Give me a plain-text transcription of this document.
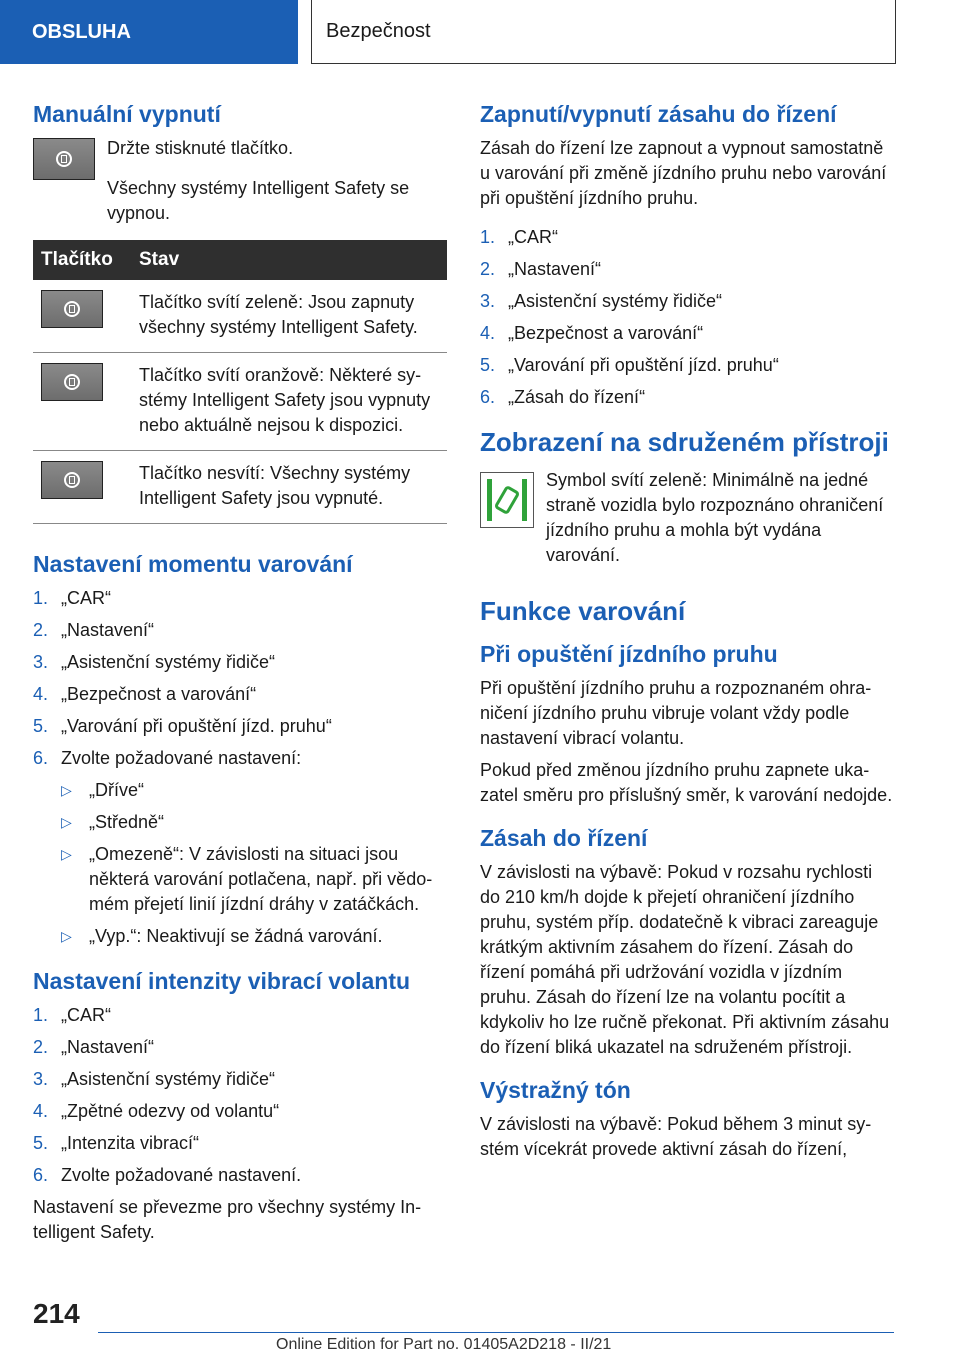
OBSLUHA	Bezpečnost
Manuální vypnutí

Držte stisknuté tlačítko.

Všechny systémy Intelligent Safety se vypnou.

Tlačítko	Stav

	Tlačítko svítí zeleně: Jsou zapnuty všechny systémy Intelligent Safety.

	Tlačítko svítí oranžově: Některé systémy Intelligent Safety jsou vypnuty nebo aktuálně nejsou k dispozici.

	Tlačítko nesvítí: Všechny systémy Intelligent Safety jsou vypnuté.
Nastavení momentu varování
1. „CAR“
2. „Nastavení“
3. „Asistenční systémy řidiče“
4. „Bezpečnost a varování“
5. „Varování při opuštění jízd. pruhu“
6. Zvolte požadované nastavení:
▷ „Dříve“
▷ „Středně“
▷ „Omezeně“: V závislosti na situaci jsou některá varování potlačena, např. při vědomém přejetí linií jízdní dráhy v zatáčkách.
▷ „Vyp.“: Neaktivují se žádná varování.
Nastavení intenzity vibrací volantu
1. „CAR“
2. „Nastavení“
3. „Asistenční systémy řidiče“
4. „Zpětné odezvy od volantu“
5. „Intenzita vibrací“
6. Zvolte požadované nastavení.

Nastavení se převezme pro všechny systémy Intelligent Safety.

Zapnutí/vypnutí zásahu do řízení

Zásah do řízení lze zapnout a vypnout samostatně u varování při změně jízdního pruhu nebo varování při opuštění jízdního pruhu.

1. „CAR“
2. „Nastavení“
3. „Asistenční systémy řidiče“
4. „Bezpečnost a varování“
5. „Varování při opuštění jízd. pruhu“
6. „Zásah do řízení“
Zobrazení na sdruženém přístroji

Symbol svítí zeleně: Minimálně na jedné straně vozidla bylo rozpoznáno ohraničení jízdního pruhu a mohla být vydána varování.

Funkce varování
Při opuštění jízdního pruhu

Při opuštění jízdního pruhu a rozpoznaném ohraničení jízdního pruhu vibruje volant vždy podle nastavení vibrací volantu.

Pokud před změnou jízdního pruhu zapnete ukazatel směru pro příslušný směr, k varování nedojde.

Zásah do řízení

V závislosti na výbavě: Pokud v rozsahu rychlosti do 210 km/h dojde k přejetí ohraničení jízdního pruhu, systém příp. dodatečně k vibraci zareaguje krátkým aktivním zásahem do řízení. Zásah do řízení pomáhá při udržování vozidla v jízdním pruhu. Zásah do řízení lze na volantu pocítit a kdykoliv ho lze ručně překonat. Při aktivním zásahu do řízení bliká ukazatel na sdruženém přístroji.

Výstražný tón

V závislosti na výbavě: Pokud během 3 minut systém vícekrát provede aktivní zásah do řízení,

214
Online Edition for Part no. 01405A2D218 - II/21
